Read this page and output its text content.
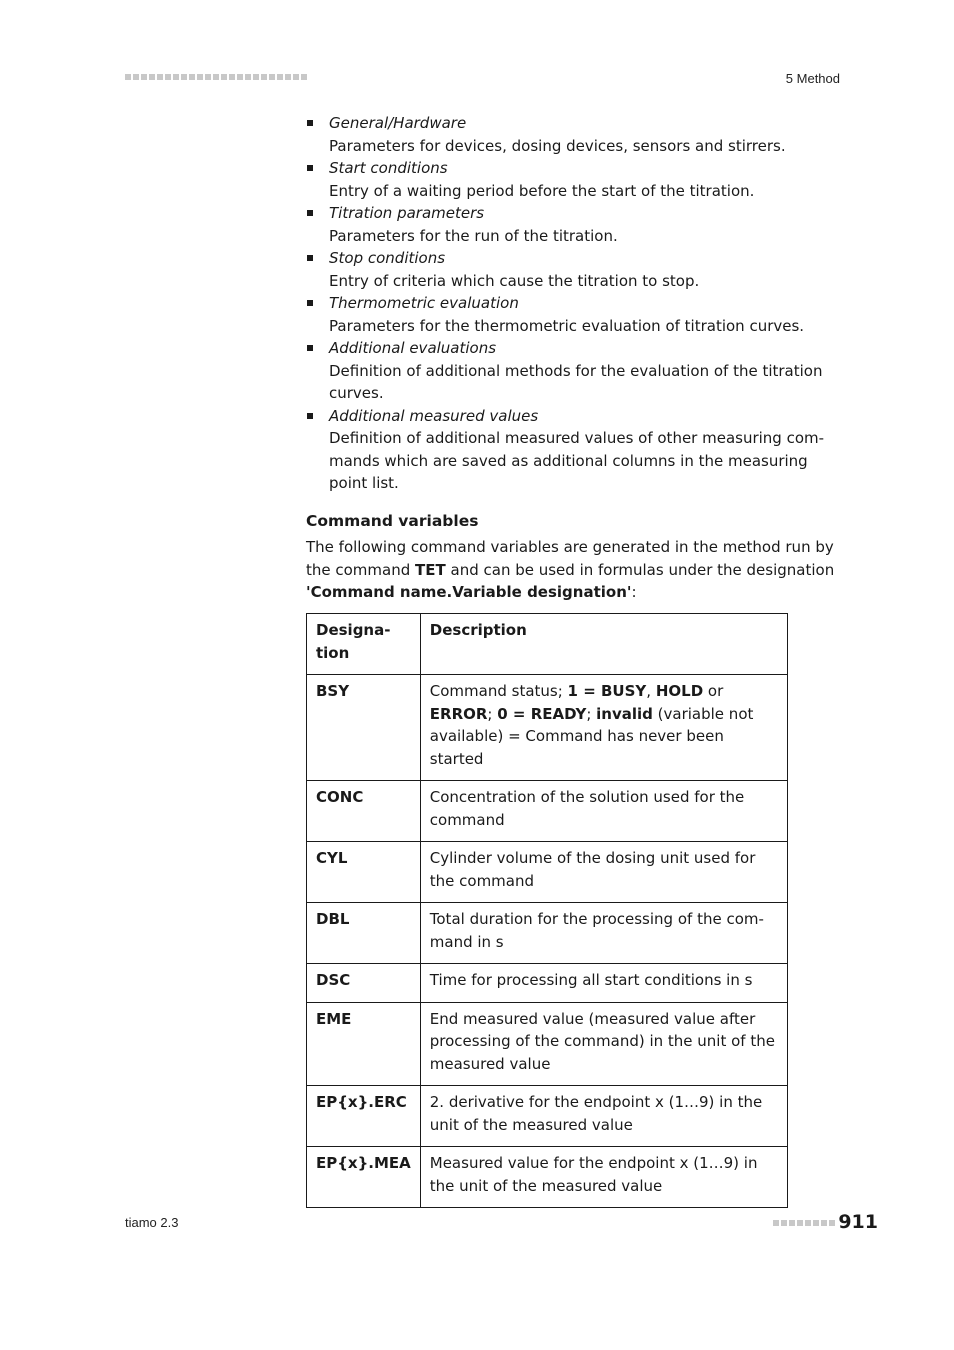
5 Method
General/Hardware
Parameters for devices, dosing devices, sensors and stirrers.
Start conditions
Entry of a waiting period before the start of the titration.
Titration parameters
Parameters for the run of the titration.
Stop conditions
Entry of criteria which cause the titration to stop.
Thermometric evaluation
Parameters for the thermometric evaluation of titration curves.
Additional evaluations
Definition of additional methods for the evaluation of the titration curves.
Additional measured values
Definition of additional measured values of other measuring commands which are saved as additional columns in the measuring point list.
Command variables

The following command variables are generated in the method run by the command TET and can be used in formulas under the designation 'Command name.Variable designation':

Designation	Description
BSY	Command status; 1 = BUSY, HOLD or ERROR; 0 = READY; invalid (variable not available) = Command has never been started
CONC	Concentration of the solution used for the command
CYL	Cylinder volume of the dosing unit used for the command
DBL	Total duration for the processing of the command in s
DSC	Time for processing all start conditions in s
EME	End measured value (measured value after processing of the command) in the unit of the measured value
EP{x}.ERC	2. derivative for the endpoint x (1…9) in the unit of the measured value
EP{x}.MEA	Measured value for the endpoint x (1…9) in the unit of the measured value
tiamo 2.3	911
